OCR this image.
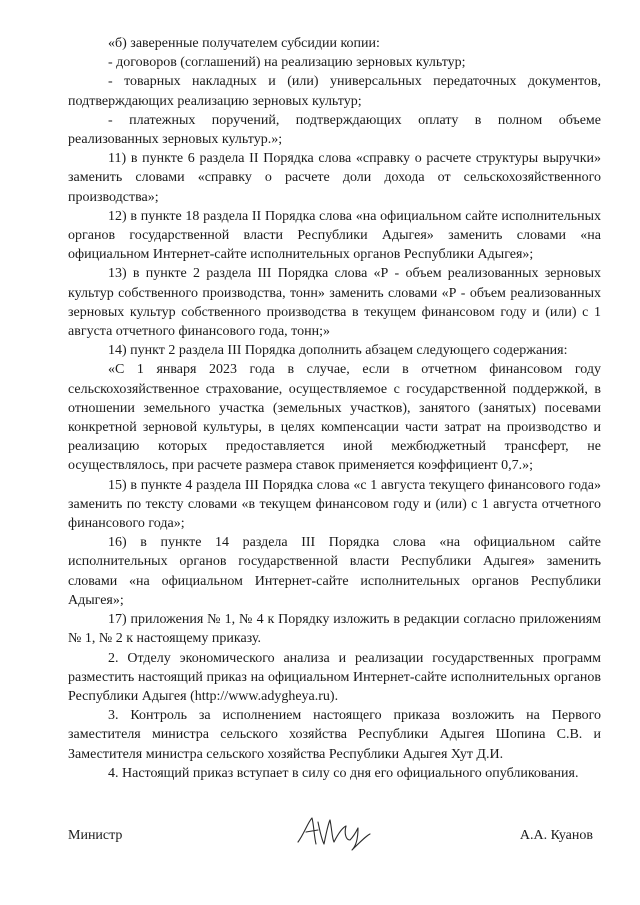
«б) заверенные получателем субсидии копии:

- договоров (соглашений) на реализацию зерновых культур;

- товарных накладных и (или) универсальных передаточных документов, подтверждающих реализацию зерновых культур;

- платежных поручений, подтверждающих оплату в полном объеме реализованных зерновых культур.»;

11) в пункте 6 раздела II Порядка слова «справку о расчете структуры выручки» заменить словами «справку о расчете доли дохода от сельскохозяйственного производства»;

12) в пункте 18 раздела II Порядка слова «на официальном сайте исполнительных органов государственной власти Республики Адыгея» заменить словами «на официальном Интернет-сайте исполнительных органов Республики Адыгея»;

13) в пункте 2 раздела III Порядка слова «Р - объем реализованных зерновых культур собственного производства, тонн» заменить словами «Р - объем реализованных зерновых культур собственного производства в текущем финансовом году и (или) с 1 августа отчетного финансового года, тонн;»

14) пункт 2 раздела III Порядка дополнить абзацем следующего содержания:

«С 1 января 2023 года в случае, если в отчетном финансовом году сельскохозяйственное страхование, осуществляемое с государственной поддержкой, в отношении земельного участка (земельных участков), занятого (занятых) посевами конкретной зерновой культуры, в целях компенсации части затрат на производство и реализацию которых предоставляется иной межбюджетный трансферт, не осуществлялось, при расчете размера ставок применяется коэффициент 0,7.»;

15) в пункте 4 раздела III Порядка слова «с 1 августа текущего финансового года» заменить по тексту словами «в текущем финансовом году и (или) с 1 августа отчетного финансового года»;

16) в пункте 14 раздела III Порядка слова «на официальном сайте исполнительных органов государственной власти Республики Адыгея» заменить словами «на официальном Интернет-сайте исполнительных органов Республики Адыгея»;

17) приложения № 1, № 4 к Порядку изложить в редакции согласно приложениям № 1, № 2 к настоящему приказу.

2. Отделу экономического анализа и реализации государственных программ разместить настоящий приказ на официальном Интернет-сайте исполнительных органов Республики Адыгея (http://www.adygheya.ru).

3. Контроль за исполнением настоящего приказа возложить на Первого заместителя министра сельского хозяйства Республики Адыгея Шопина С.В. и Заместителя министра сельского хозяйства Республики Адыгея Хут Д.И.

4. Настоящий приказ вступает в силу со дня его официального опубликования.

Министр	А.А. Куанов
